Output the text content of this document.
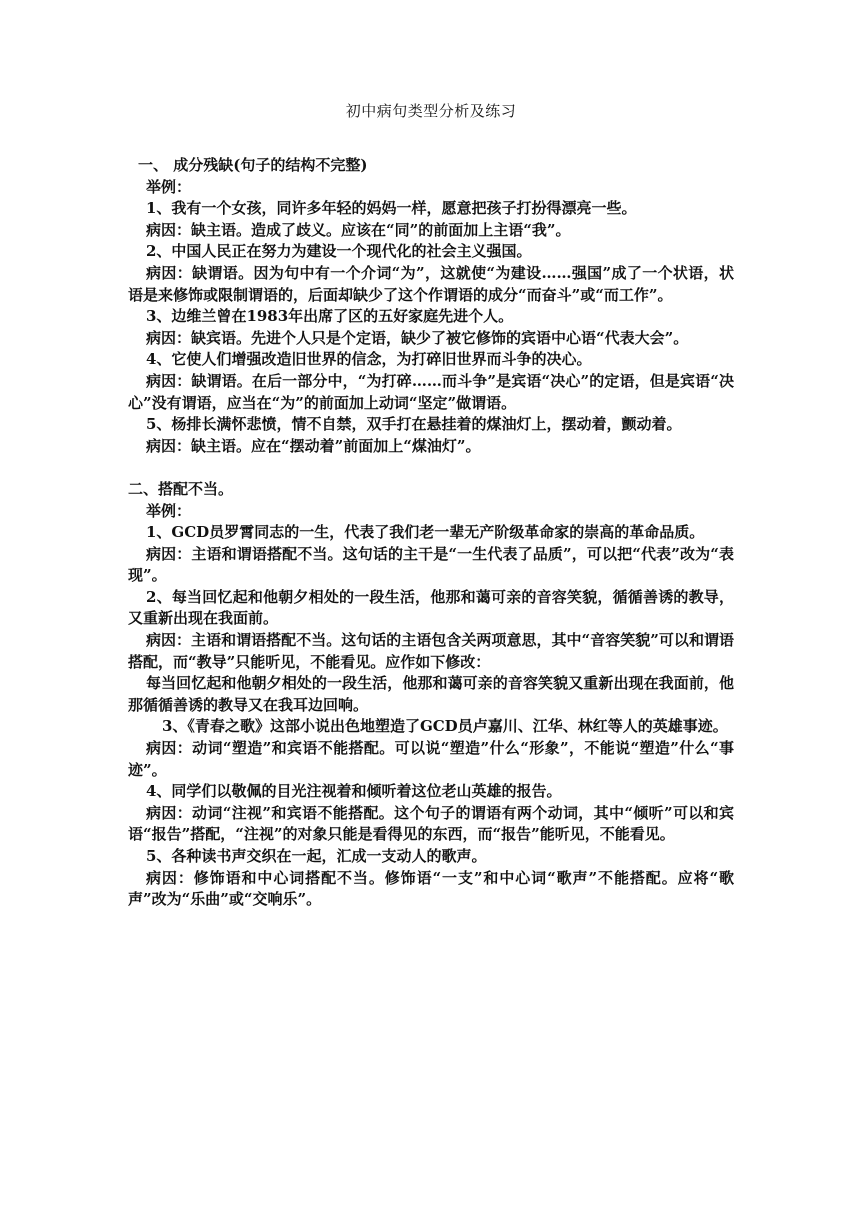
初中病句类型分析及练习

一、 成分残缺(句子的结构不完整)

举例：

1、我有一个女孩，同许多年轻的妈妈一样，愿意把孩子打扮得漂亮一些。

病因：缺主语。造成了歧义。应该在“同”的前面加上主语“我”。

2、中国人民正在努力为建设一个现代化的社会主义强国。

病因：缺谓语。因为句中有一个介词“为”，这就使“为建设……强国”成了一个状语，状语是来修饰或限制谓语的，后面却缺少了这个作谓语的成分“而奋斗”或“而工作”。

3、边维兰曾在1983年出席了区的五好家庭先进个人。

病因：缺宾语。先进个人只是个定语，缺少了被它修饰的宾语中心语“代表大会”。

4、它使人们增强改造旧世界的信念，为打碎旧世界而斗争的决心。

病因：缺谓语。在后一部分中，“为打碎……而斗争”是宾语“决心”的定语，但是宾语“决心”没有谓语，应当在“为”的前面加上动词“坚定”做谓语。

5、杨排长满怀悲愤，情不自禁，双手打在悬挂着的煤油灯上，摆动着，颤动着。

病因：缺主语。应在“摆动着”前面加上“煤油灯”。

二、搭配不当。

举例：

1、GCD员罗霄同志的一生，代表了我们老一辈无产阶级革命家的崇高的革命品质。

病因：主语和谓语搭配不当。这句话的主干是“一生代表了品质”，可以把“代表”改为“表现”。

2、每当回忆起和他朝夕相处的一段生活，他那和蔼可亲的音容笑貌，循循善诱的教导，又重新出现在我面前。

病因：主语和谓语搭配不当。这句话的主语包含关两项意思，其中“音容笑貌”可以和谓语搭配，而“教导”只能听见，不能看见。应作如下修改：

每当回忆起和他朝夕相处的一段生活，他那和蔼可亲的音容笑貌又重新出现在我面前，他那循循善诱的教导又在我耳边回响。

3、《青春之歌》这部小说出色地塑造了GCD员卢嘉川、江华、林红等人的英雄事迹。

病因：动词“塑造”和宾语不能搭配。可以说“塑造”什么“形象”，不能说“塑造”什么“事迹”。

4、同学们以敬佩的目光注视着和倾听着这位老山英雄的报告。

病因：动词“注视”和宾语不能搭配。这个句子的谓语有两个动词，其中“倾听”可以和宾语“报告”搭配，“注视”的对象只能是看得见的东西，而“报告”能听见，不能看见。

5、各种读书声交织在一起，汇成一支动人的歌声。

病因：修饰语和中心词搭配不当。修饰语“一支”和中心词“歌声”不能搭配。应将“歌声”改为“乐曲”或“交响乐”。
